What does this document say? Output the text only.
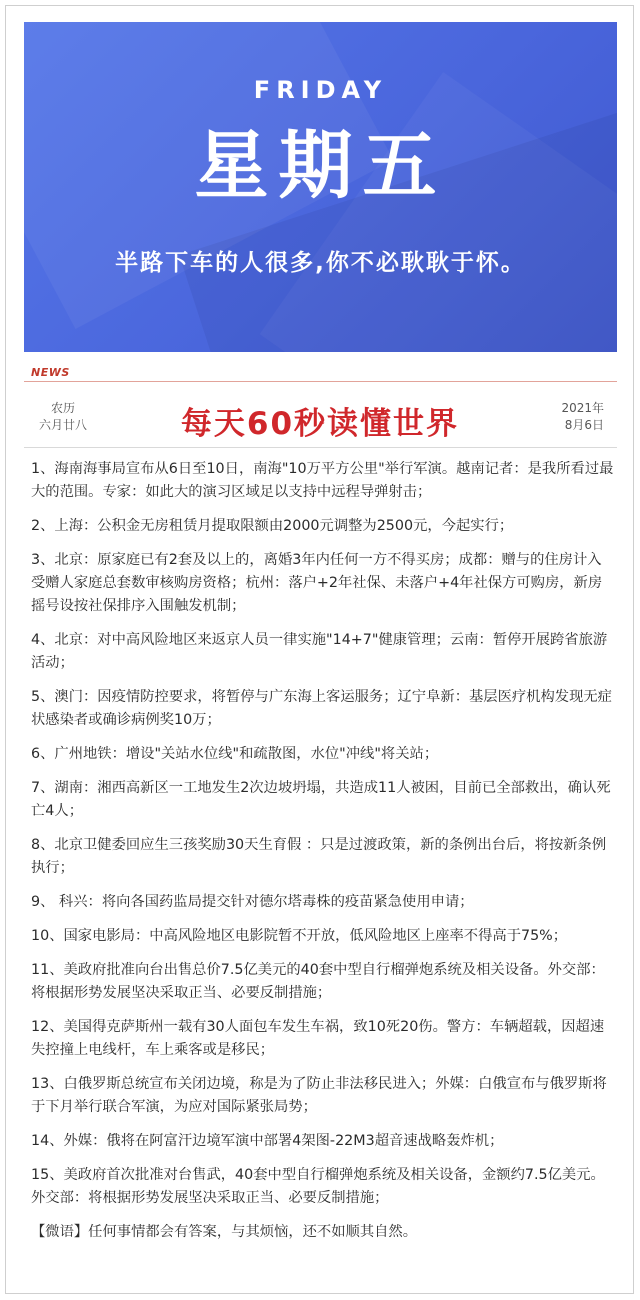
FRIDAY
星期五
半路下车的人很多,你不必耿耿于怀。
NEWS
农历
六月廿八	每天60秒读懂世界	2021年
8月6日

1、海南海事局宣布从6日至10日，南海"10万平方公里"举行军演。越南记者：是我所看过最大的范围。专家：如此大的演习区域足以支持中远程导弹射击；

2、上海：公积金无房租赁月提取限额由2000元调整为2500元，今起实行；

3、北京：原家庭已有2套及以上的，离婚3年内任何一方不得买房；成都：赠与的住房计入受赠人家庭总套数审核购房资格；杭州：落户+2年社保、未落户+4年社保方可购房，新房摇号设按社保排序入围触发机制；

4、北京：对中高风险地区来返京人员一律实施"14+7"健康管理；云南：暂停开展跨省旅游活动；

5、澳门：因疫情防控要求，将暂停与广东海上客运服务；辽宁阜新：基层医疗机构发现无症状感染者或确诊病例奖10万；

6、广州地铁：增设"关站水位线"和疏散图，水位"冲线"将关站；

7、湖南：湘西高新区一工地发生2次边坡坍塌，共造成11人被困，目前已全部救出，确认死亡4人；

8、北京卫健委回应生三孩奖励30天生育假 ：只是过渡政策，新的条例出台后，将按新条例执行；

9、 科兴：将向各国药监局提交针对德尔塔毒株的疫苗紧急使用申请；

10、国家电影局：中高风险地区电影院暂不开放，低风险地区上座率不得高于75%；

11、美政府批准向台出售总价7.5亿美元的40套中型自行榴弹炮系统及相关设备。外交部：将根据形势发展坚决采取正当、必要反制措施；

12、美国得克萨斯州一载有30人面包车发生车祸，致10死20伤。警方：车辆超载，因超速失控撞上电线杆，车上乘客或是移民；

13、白俄罗斯总统宣布关闭边境，称是为了防止非法移民进入；外媒：白俄宣布与俄罗斯将于下月举行联合军演，为应对国际紧张局势；

14、外媒：俄将在阿富汗边境军演中部署4架图-22M3超音速战略轰炸机；

15、美政府首次批准对台售武，40套中型自行榴弹炮系统及相关设备，金额约7.5亿美元。外交部：将根据形势发展坚决采取正当、必要反制措施；

【微语】任何事情都会有答案，与其烦恼，还不如顺其自然。
